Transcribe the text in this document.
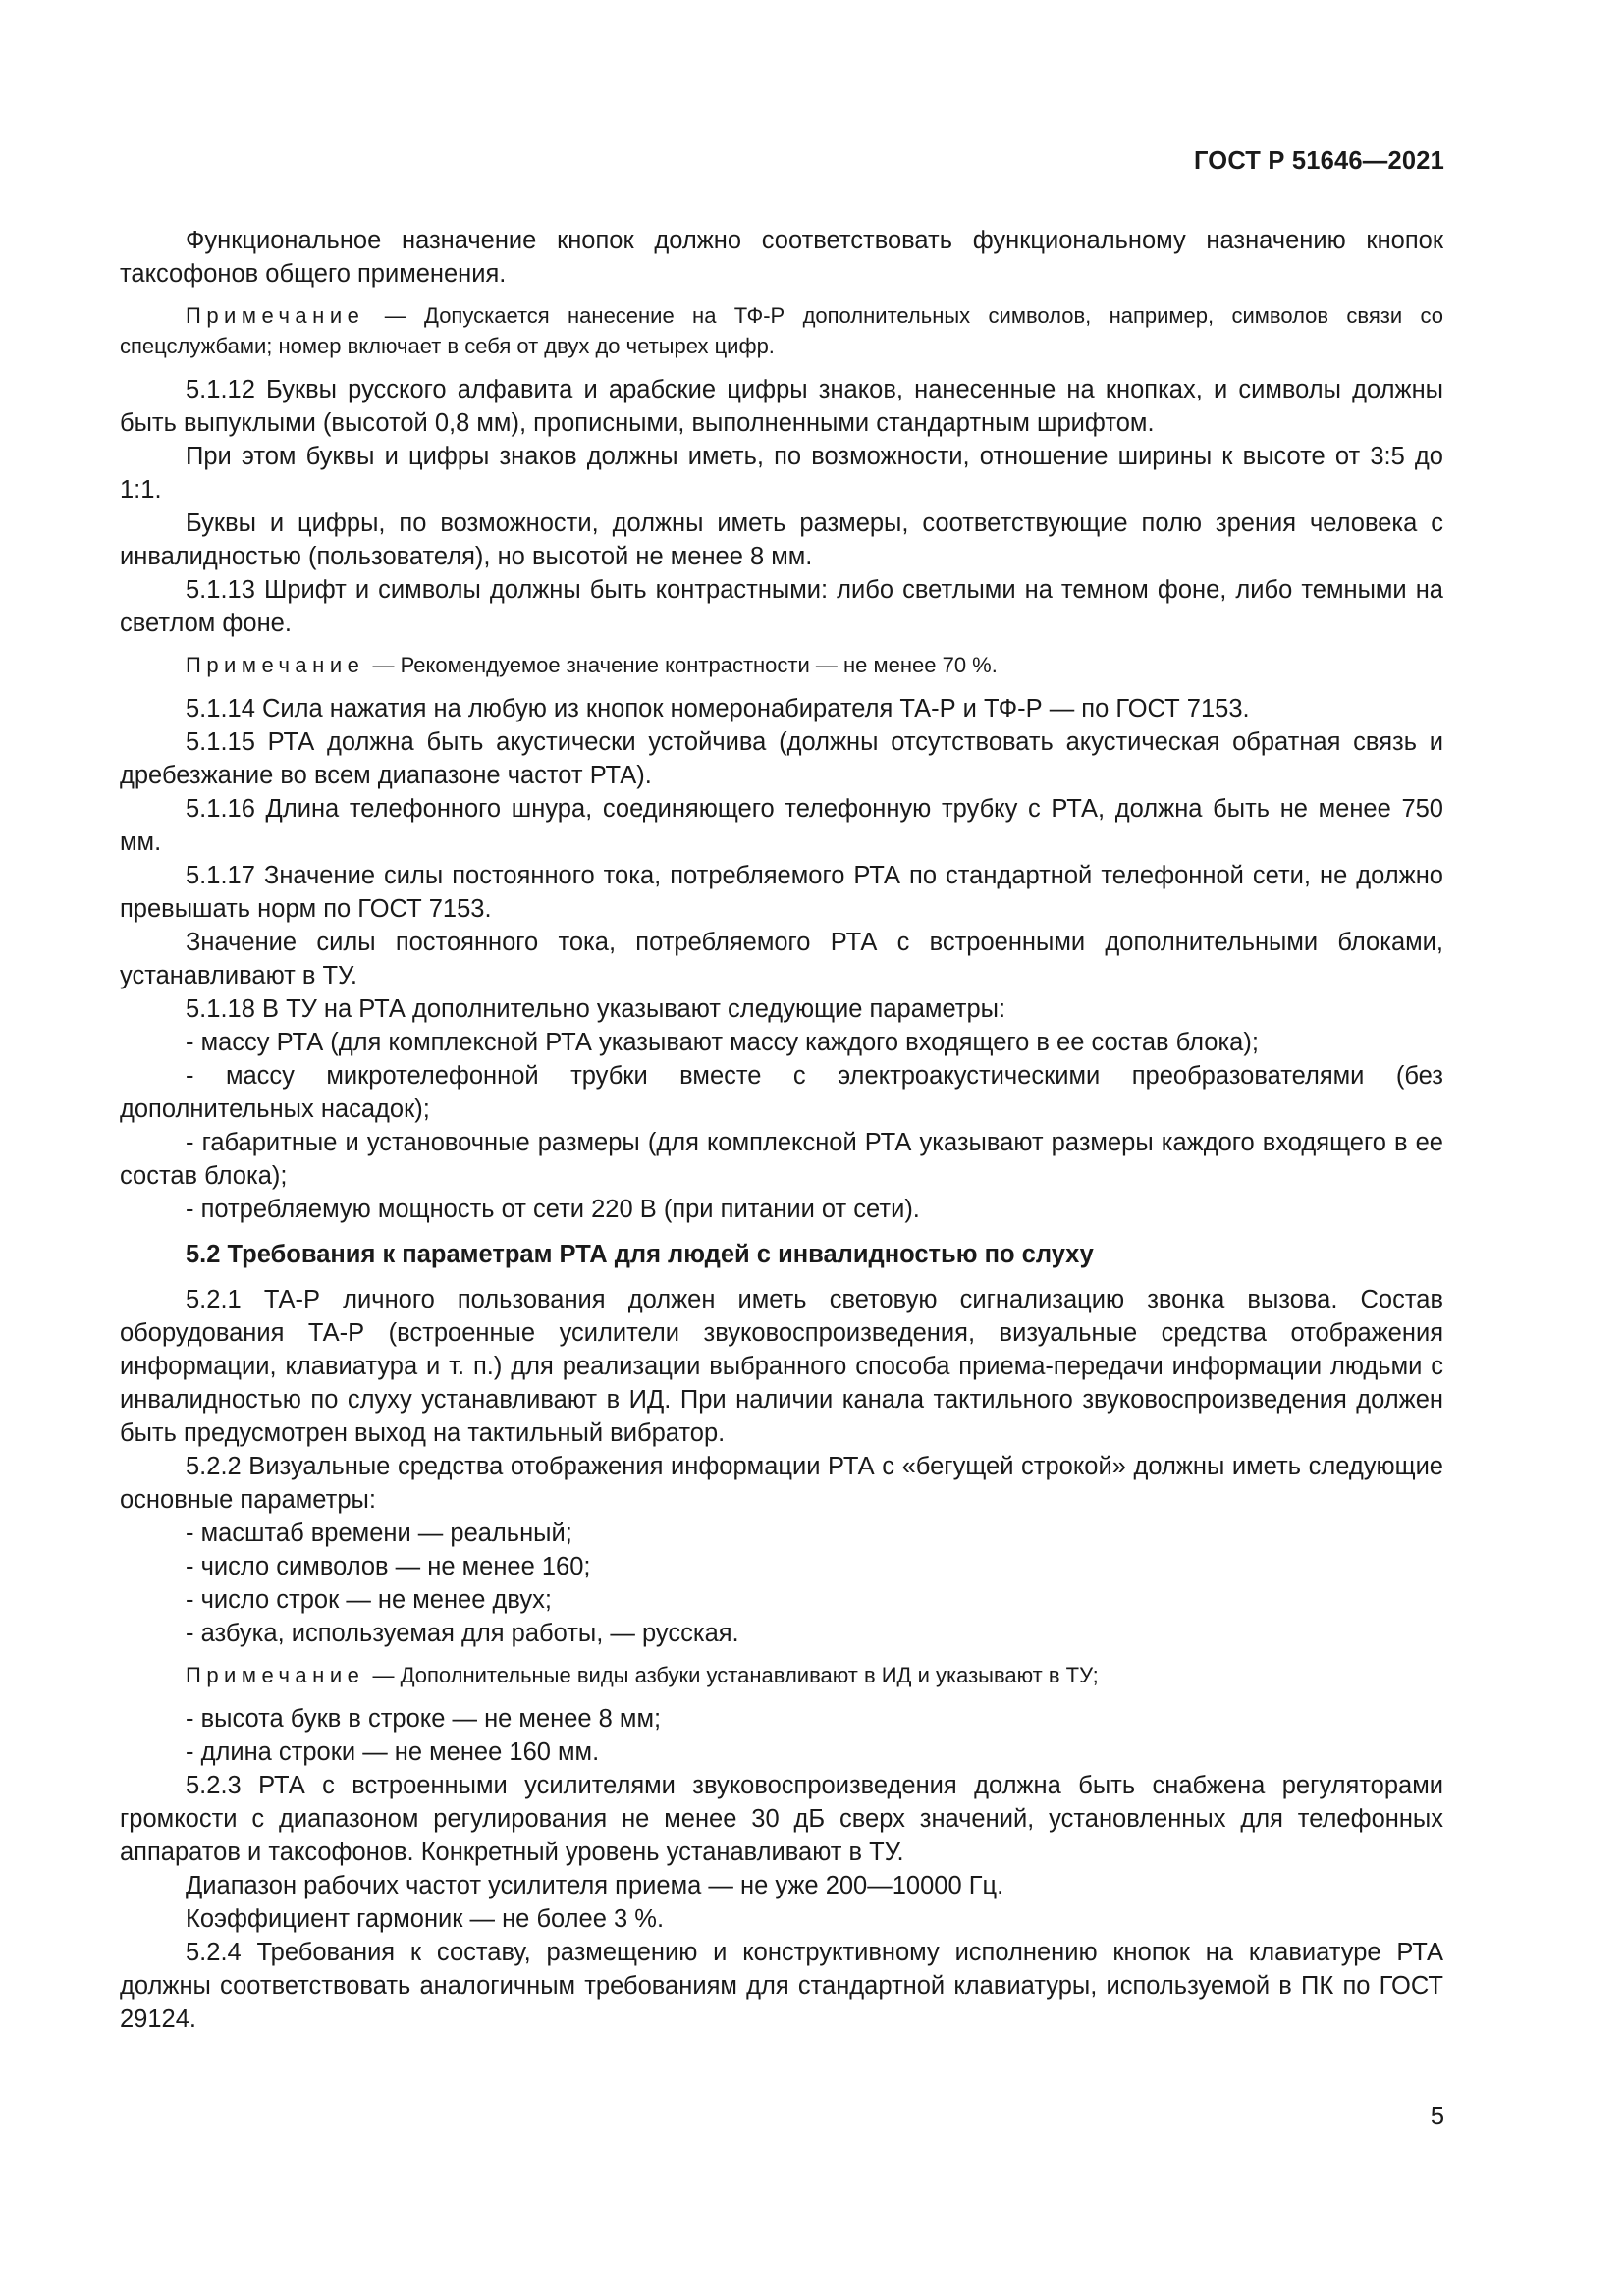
ГОСТ Р 51646—2021

Функциональное назначение кнопок должно соответствовать функциональному назначению кнопок таксофонов общего применения.

Примечание — Допускается нанесение на ТФ-Р дополнительных символов, например, символов связи со спецслужбами; номер включает в себя от двух до четырех цифр.

5.1.12 Буквы русского алфавита и арабские цифры знаков, нанесенные на кнопках, и символы должны быть выпуклыми (высотой 0,8 мм), прописными, выполненными стандартным шрифтом.

При этом буквы и цифры знаков должны иметь, по возможности, отношение ширины к высоте от 3:5 до 1:1.

Буквы и цифры, по возможности, должны иметь размеры, соответствующие полю зрения человека с инвалидностью (пользователя), но высотой не менее 8 мм.

5.1.13 Шрифт и символы должны быть контрастными: либо светлыми на темном фоне, либо темными на светлом фоне.

Примечание — Рекомендуемое значение контрастности — не менее 70 %.

5.1.14 Сила нажатия на любую из кнопок номеронабирателя ТА-Р и ТФ-Р — по ГОСТ 7153.

5.1.15 РТА должна быть акустически устойчива (должны отсутствовать акустическая обратная связь и дребезжание во всем диапазоне частот РТА).

5.1.16 Длина телефонного шнура, соединяющего телефонную трубку с РТА, должна быть не менее 750 мм.

5.1.17 Значение силы постоянного тока, потребляемого РТА по стандартной телефонной сети, не должно превышать норм по ГОСТ 7153.

Значение силы постоянного тока, потребляемого РТА с встроенными дополнительными блоками, устанавливают в ТУ.

5.1.18 В ТУ на РТА дополнительно указывают следующие параметры:

- массу РТА (для комплексной РТА указывают массу каждого входящего в ее состав блока);

- массу микротелефонной трубки вместе с электроакустическими преобразователями (без дополнительных насадок);

- габаритные и установочные размеры (для комплексной РТА указывают размеры каждого входящего в ее состав блока);

- потребляемую мощность от сети 220 В (при питании от сети).

5.2 Требования к параметрам РТА для людей с инвалидностью по слуху

5.2.1 ТА-Р личного пользования должен иметь световую сигнализацию звонка вызова. Состав оборудования ТА-Р (встроенные усилители звуковоспроизведения, визуальные средства отображения информации, клавиатура и т. п.) для реализации выбранного способа приема-передачи информации людьми с инвалидностью по слуху устанавливают в ИД. При наличии канала тактильного звуковоспроизведения должен быть предусмотрен выход на тактильный вибратор.

5.2.2 Визуальные средства отображения информации РТА с «бегущей строкой» должны иметь следующие основные параметры:

- масштаб времени — реальный;

- число символов — не менее 160;

- число строк — не менее двух;

- азбука, используемая для работы, — русская.

Примечание — Дополнительные виды азбуки устанавливают в ИД и указывают в ТУ;

- высота букв в строке — не менее 8 мм;

- длина строки — не менее 160 мм.

5.2.3 РТА с встроенными усилителями звуковоспроизведения должна быть снабжена регуляторами громкости с диапазоном регулирования не менее 30 дБ сверх значений, установленных для телефонных аппаратов и таксофонов. Конкретный уровень устанавливают в ТУ.

Диапазон рабочих частот усилителя приема — не уже 200—10000 Гц.

Коэффициент гармоник — не более 3 %.

5.2.4 Требования к составу, размещению и конструктивному исполнению кнопок на клавиатуре РТА должны соответствовать аналогичным требованиям для стандартной клавиатуры, используемой в ПК по ГОСТ 29124.

5
